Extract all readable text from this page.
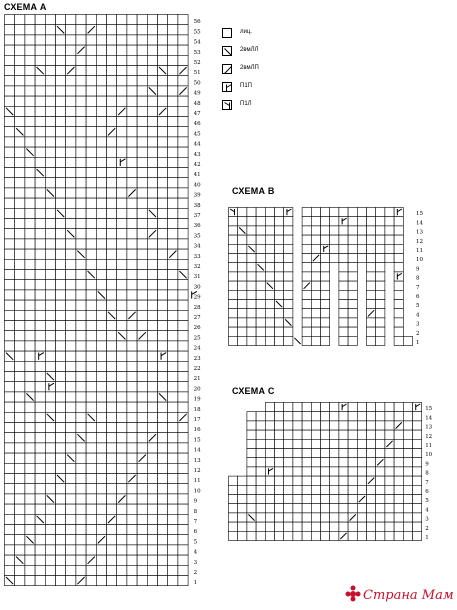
СХЕМА А
56
55
54
53
52
51
50
49
48
47
46
45
44
43
42
41
40
39
38
37
36
35
34
33
32
31
30
29
28
27
26
25
24
23
22
21
20
19
18
17
16
15
14
13
12
11
10
9
8
7
6
5
4
3
2
1
лиц.
2вмЛЛ
2вмЛП
П1П
П1Л
СХЕМА В
15
14
13
12
11
10
9
8
7
6
5
4
3
2
1
СХЕМА С
15
14
13
12
11
10
9
8
7
6
5
4
3
2
1
Страна Мам
